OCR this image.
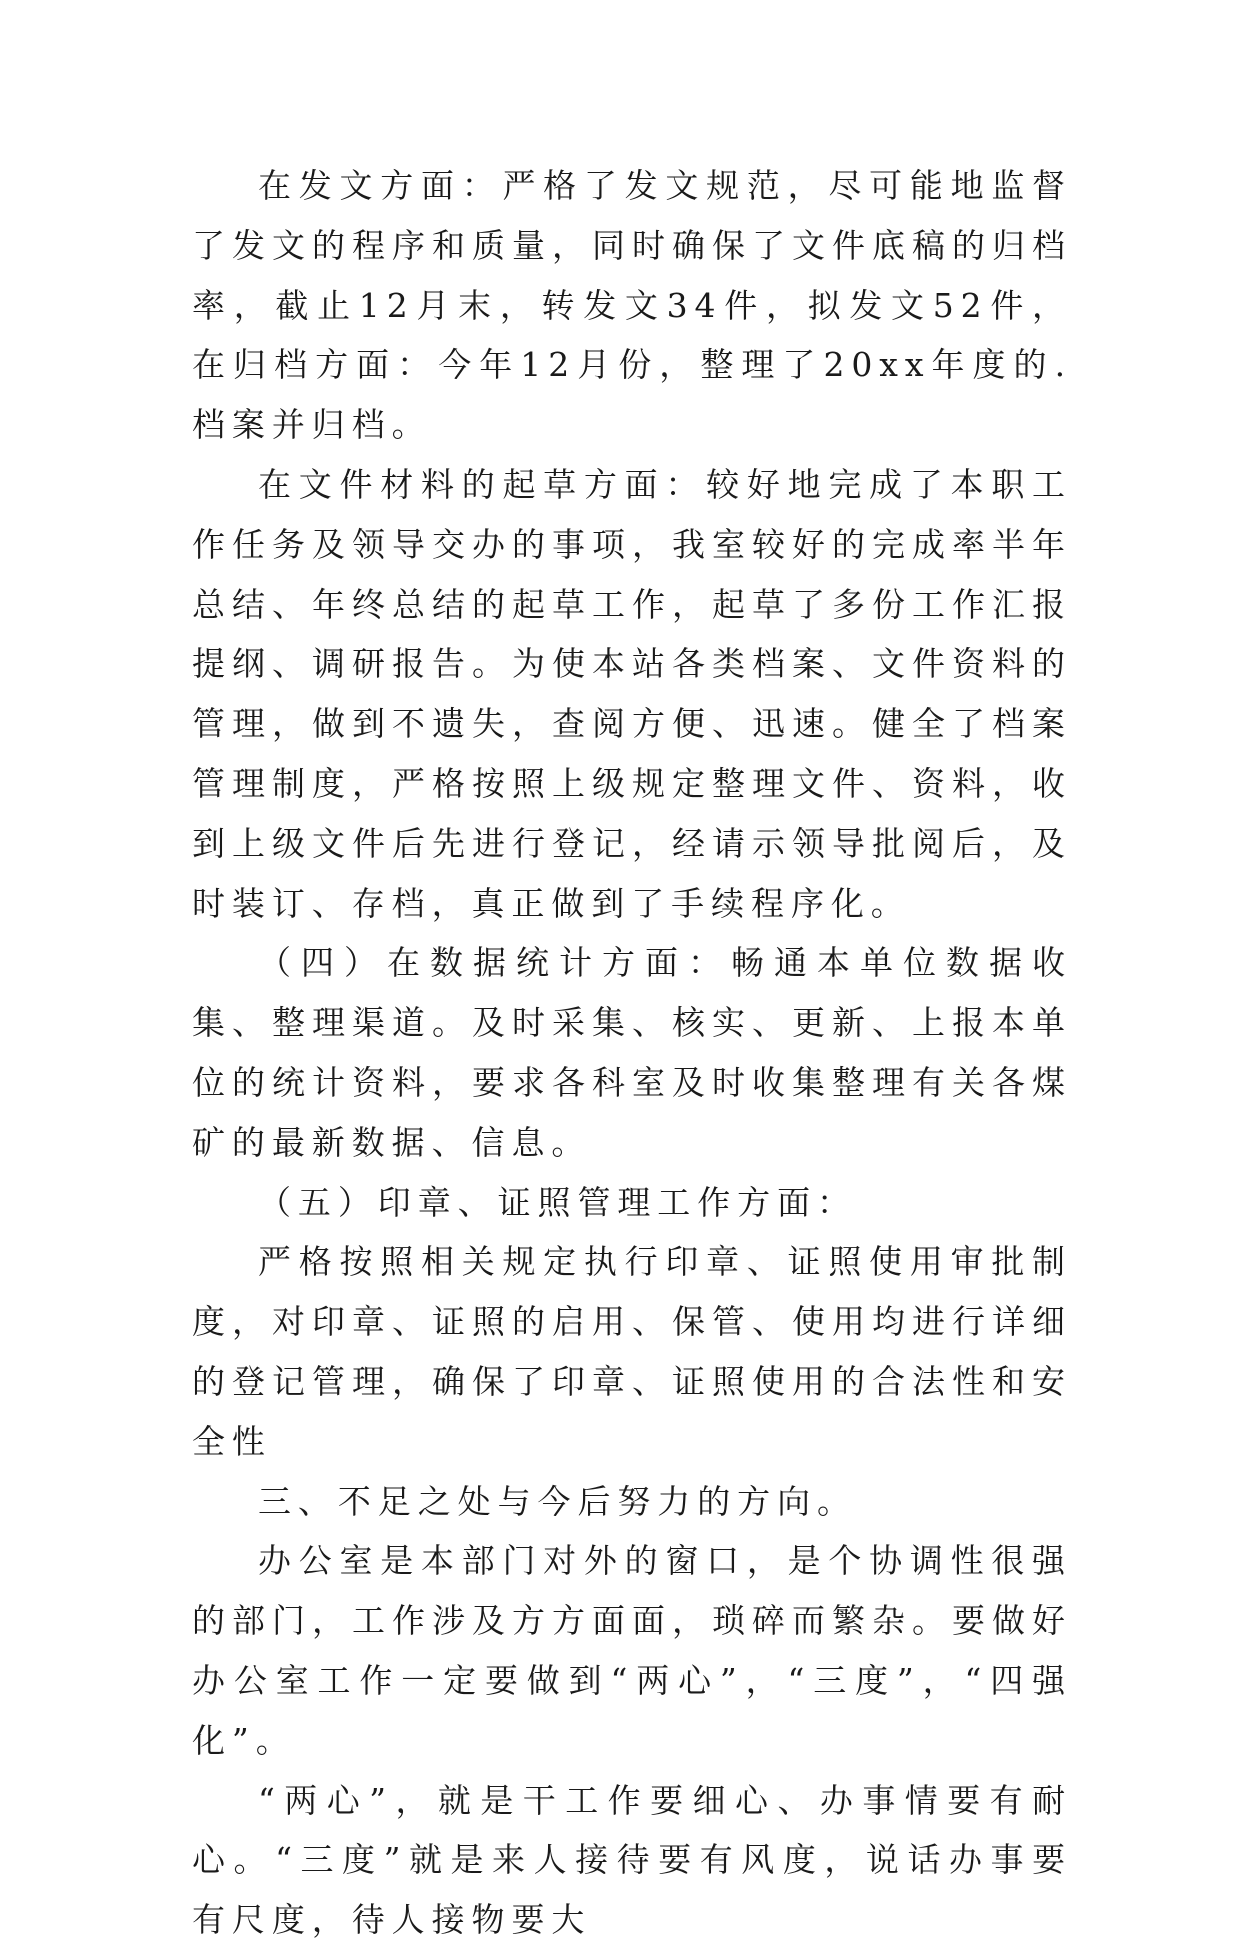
在发文方面：严格了发文规范，尽可能地监督了发文的程序和质量，同时确保了文件底稿的归档率，截止12月末，转发文34件，拟发文52件，在归档方面：今年12月份，整理了20xx年度的.档案并归档。

在文件材料的起草方面：较好地完成了本职工作任务及领导交办的事项，我室较好的完成率半年总结、年终总结的起草工作，起草了多份工作汇报提纲、调研报告。为使本站各类档案、文件资料的管理，做到不遗失，查阅方便、迅速。健全了档案管理制度，严格按照上级规定整理文件、资料，收到上级文件后先进行登记，经请示领导批阅后，及时装订、存档，真正做到了手续程序化。

（四）在数据统计方面：畅通本单位数据收集、整理渠道。及时采集、核实、更新、上报本单位的统计资料，要求各科室及时收集整理有关各煤矿的最新数据、信息。

（五）印章、证照管理工作方面：

严格按照相关规定执行印章、证照使用审批制度，对印章、证照的启用、保管、使用均进行详细的登记管理，确保了印章、证照使用的合法性和安全性

三、不足之处与今后努力的方向。

办公室是本部门对外的窗口，是个协调性很强的部门，工作涉及方方面面，琐碎而繁杂。要做好办公室工作一定要做到“两心”，“三度”，“四强化”。

“两心”，就是干工作要细心、办事情要有耐心。“三度”就是来人接待要有风度，说话办事要有尺度，待人接物要大
